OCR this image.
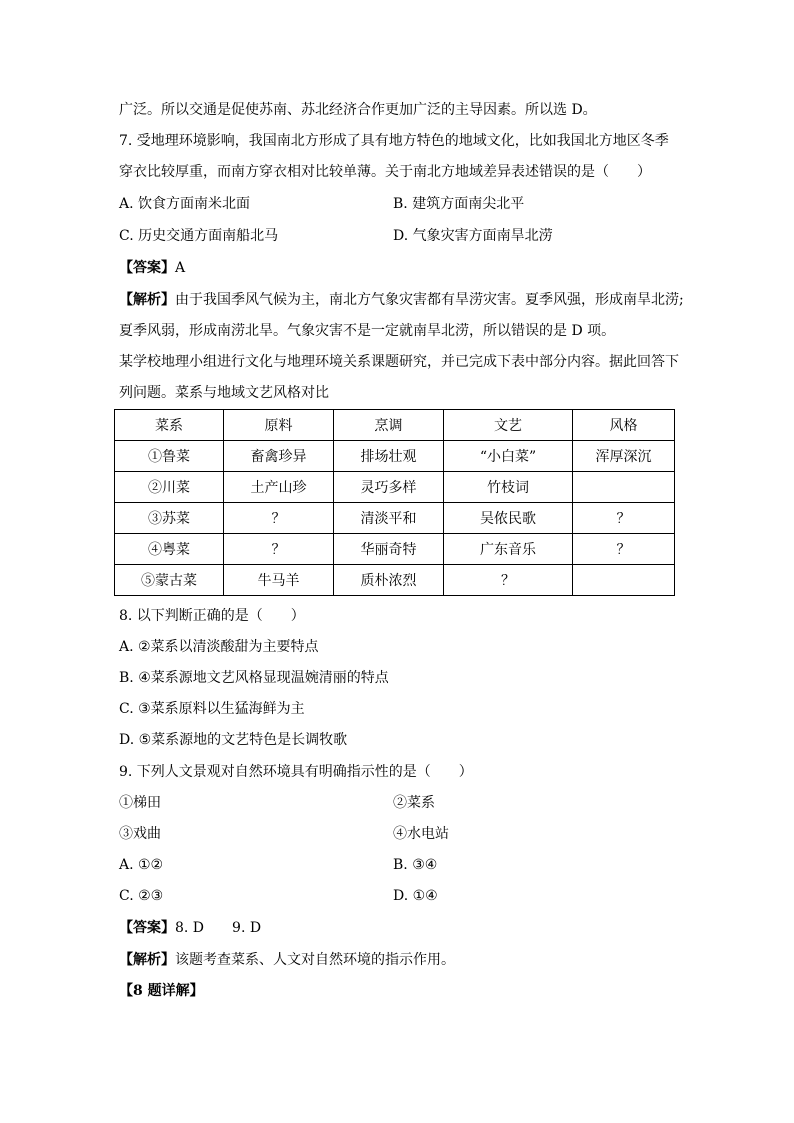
广泛。所以交通是促使苏南、苏北经济合作更加广泛的主导因素。所以选 D。
7. 受地理环境影响，我国南北方形成了具有地方特色的地域文化，比如我国北方地区冬季
穿衣比较厚重，而南方穿衣相对比较单薄。关于南北方地域差异表述错误的是（　　）
A. 饮食方面南米北面	B. 建筑方面南尖北平
C. 历史交通方面南船北马	D. 气象灾害方面南旱北涝
【答案】A
【解析】由于我国季风气候为主，南北方气象灾害都有旱涝灾害。夏季风强，形成南旱北涝;
夏季风弱，形成南涝北旱。气象灾害不是一定就南旱北涝，所以错误的是 D 项。
某学校地理小组进行文化与地理环境关系课题研究，并已完成下表中部分内容。据此回答下
列问题。菜系与地域文艺风格对比
菜系	原料	烹调	文艺	风格
①鲁菜	畜禽珍异	排场壮观	“小白菜”	浑厚深沉
②川菜	土产山珍	灵巧多样	竹枝词	
③苏菜	？	清淡平和	吴侬民歌	？
④粤菜	？	华丽奇特	广东音乐	？
⑤蒙古菜	牛马羊	质朴浓烈	？	
8. 以下判断正确的是（　　）
A. ②菜系以清淡酸甜为主要特点
B. ④菜系源地文艺风格显现温婉清丽的特点
C. ③菜系原料以生猛海鲜为主
D. ⑤菜系源地的文艺特色是长调牧歌
9. 下列人文景观对自然环境具有明确指示性的是（　　）
①梯田	②菜系
③戏曲	④水电站
A. ①②	B. ③④
C. ②③	D. ①④
【答案】8. D　　9. D
【解析】该题考查菜系、人文对自然环境的指示作用。
【8 题详解】
